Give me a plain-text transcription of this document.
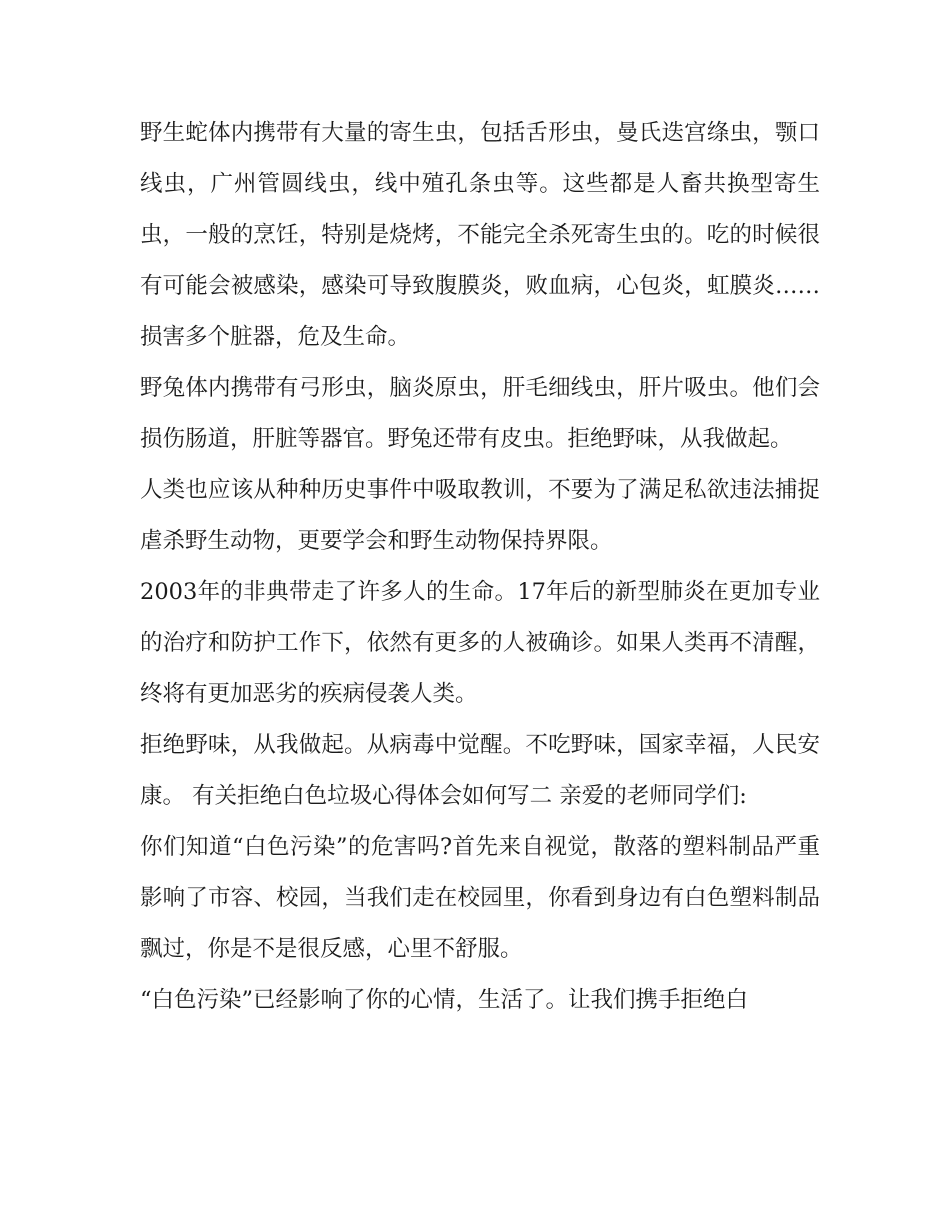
野生蛇体内携带有大量的寄生虫，包括舌形虫，曼氏迭宫绦虫，颚口线虫，广州管圆线虫，线中殖孔条虫等。这些都是人畜共换型寄生虫，一般的烹饪，特别是烧烤，不能完全杀死寄生虫的。吃的时候很有可能会被感染，感染可导致腹膜炎，败血病，心包炎，虹膜炎……损害多个脏器，危及生命。

野兔体内携带有弓形虫，脑炎原虫，肝毛细线虫，肝片吸虫。他们会损伤肠道，肝脏等器官。野兔还带有皮虫。拒绝野味，从我做起。

人类也应该从种种历史事件中吸取教训，不要为了满足私欲违法捕捉虐杀野生动物，更要学会和野生动物保持界限。

2003年的非典带走了许多人的生命。17年后的新型肺炎在更加专业的治疗和防护工作下，依然有更多的人被确诊。如果人类再不清醒，终将有更加恶劣的疾病侵袭人类。

拒绝野味，从我做起。从病毒中觉醒。不吃野味，国家幸福，人民安康。 有关拒绝白色垃圾心得体会如何写二 亲爱的老师同学们:

你们知道“白色污染”的危害吗?首先来自视觉，散落的塑料制品严重影响了市容、校园，当我们走在校园里，你看到身边有白色塑料制品飘过，你是不是很反感，心里不舒服。

“白色污染”已经影响了你的心情，生活了。让我们携手拒绝白
